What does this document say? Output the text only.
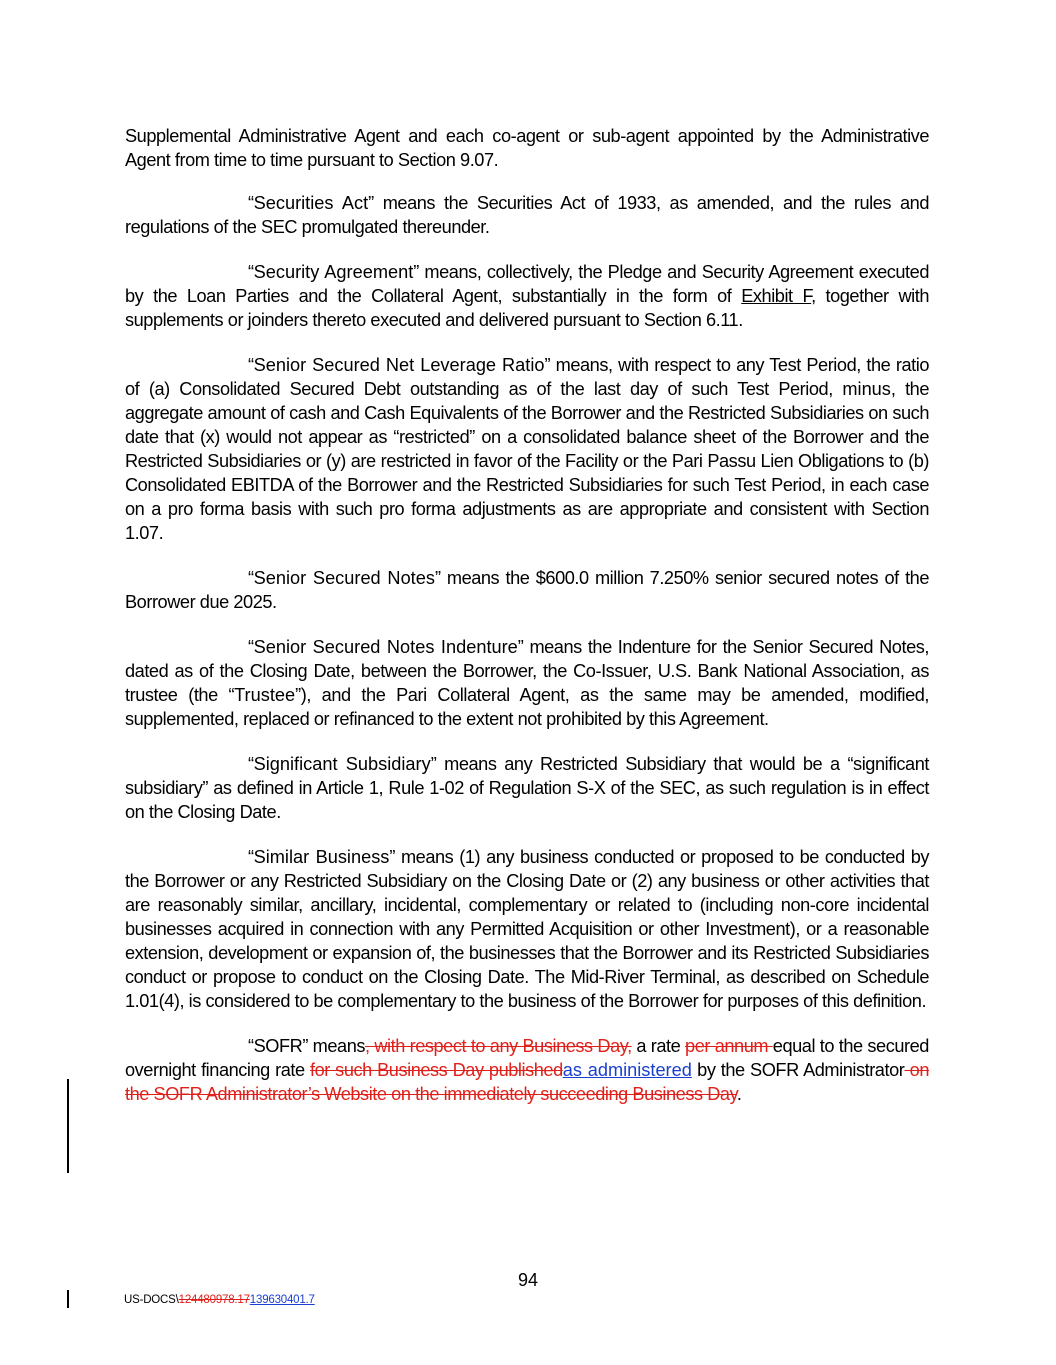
Supplemental Administrative Agent and each co-agent or sub-agent appointed by the Administrative Agent from time to time pursuant to Section 9.07.

“Securities Act” means the Securities Act of 1933, as amended, and the rules and regulations of the SEC promulgated thereunder.

“Security Agreement” means, collectively, the Pledge and Security Agreement executed by the Loan Parties and the Collateral Agent, substantially in the form of Exhibit F, together with supplements or joinders thereto executed and delivered pursuant to Section 6.11.

“Senior Secured Net Leverage Ratio” means, with respect to any Test Period, the ratio of (a) Consolidated Secured Debt outstanding as of the last day of such Test Period, minus, the aggregate amount of cash and Cash Equivalents of the Borrower and the Restricted Subsidiaries on such date that (x) would not appear as “restricted” on a consolidated balance sheet of the Borrower and the Restricted Subsidiaries or (y) are restricted in favor of the Facility or the Pari Passu Lien Obligations to (b) Consolidated EBITDA of the Borrower and the Restricted Subsidiaries for such Test Period, in each case on a pro forma basis with such pro forma adjustments as are appropriate and consistent with Section 1.07.

“Senior Secured Notes” means the $600.0 million 7.250% senior secured notes of the Borrower due 2025.

“Senior Secured Notes Indenture” means the Indenture for the Senior Secured Notes, dated as of the Closing Date, between the Borrower, the Co-Issuer, U.S. Bank National Association, as trustee (the “Trustee”), and the Pari Collateral Agent, as the same may be amended, modified, supplemented, replaced or refinanced to the extent not prohibited by this Agreement.

“Significant Subsidiary” means any Restricted Subsidiary that would be a “significant subsidiary” as defined in Article 1, Rule 1-02 of Regulation S-X of the SEC, as such regulation is in effect on the Closing Date.

“Similar Business” means (1) any business conducted or proposed to be conducted by the Borrower or any Restricted Subsidiary on the Closing Date or (2) any business or other activities that are reasonably similar, ancillary, incidental, complementary or related to (including non-core incidental businesses acquired in connection with any Permitted Acquisition or other Investment), or a reasonable extension, development or expansion of, the businesses that the Borrower and its Restricted Subsidiaries conduct or propose to conduct on the Closing Date. The Mid-River Terminal, as described on Schedule 1.01(4), is considered to be complementary to the business of the Borrower for purposes of this definition.

“SOFR” means, with respect to any Business Day, a rate per annum equal to the secured overnight financing rate for such Business Day publishedas administered by the SOFR Administrator on the SOFR Administrator’s Website on the immediately succeeding Business Day.

94
US-DOCS\124480978.17139630401.7
